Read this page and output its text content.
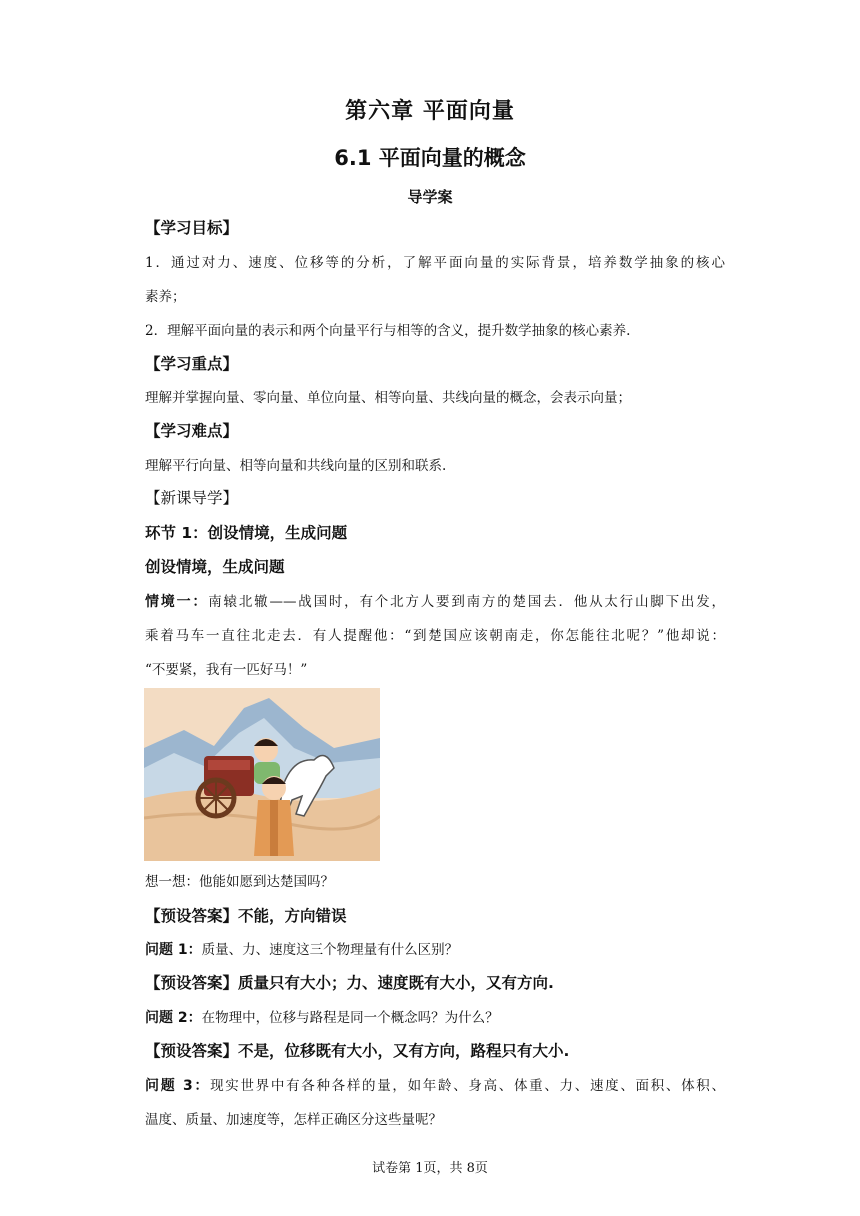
第六章 平面向量
6.1 平面向量的概念
导学案
【学习目标】
1．通过对力、速度、位移等的分析，了解平面向量的实际背景，培养数学抽象的核心
素养；
2．理解平面向量的表示和两个向量平行与相等的含义，提升数学抽象的核心素养.
【学习重点】
理解并掌握向量、零向量、单位向量、相等向量、共线向量的概念，会表示向量；
【学习难点】
理解平行向量、相等向量和共线向量的区别和联系.
【新课导学】
环节 1：创设情境，生成问题
创设情境，生成问题
情境一：南辕北辙——战国时，有个北方人要到南方的楚国去．他从太行山脚下出发，
乘着马车一直往北走去．有人提醒他：“到楚国应该朝南走，你怎能往北呢？”他却说：
“不要紧，我有一匹好马！”
想一想：他能如愿到达楚国吗？
【预设答案】不能，方向错误
问题 1：质量、力、速度这三个物理量有什么区别？
【预设答案】质量只有大小；力、速度既有大小，又有方向.
问题 2：在物理中，位移与路程是同一个概念吗？为什么？
【预设答案】不是，位移既有大小，又有方向，路程只有大小.
问题 3：现实世界中有各种各样的量，如年龄、身高、体重、力、速度、面积、体积、
温度、质量、加速度等，怎样正确区分这些量呢？
试卷第 1页，共 8页
